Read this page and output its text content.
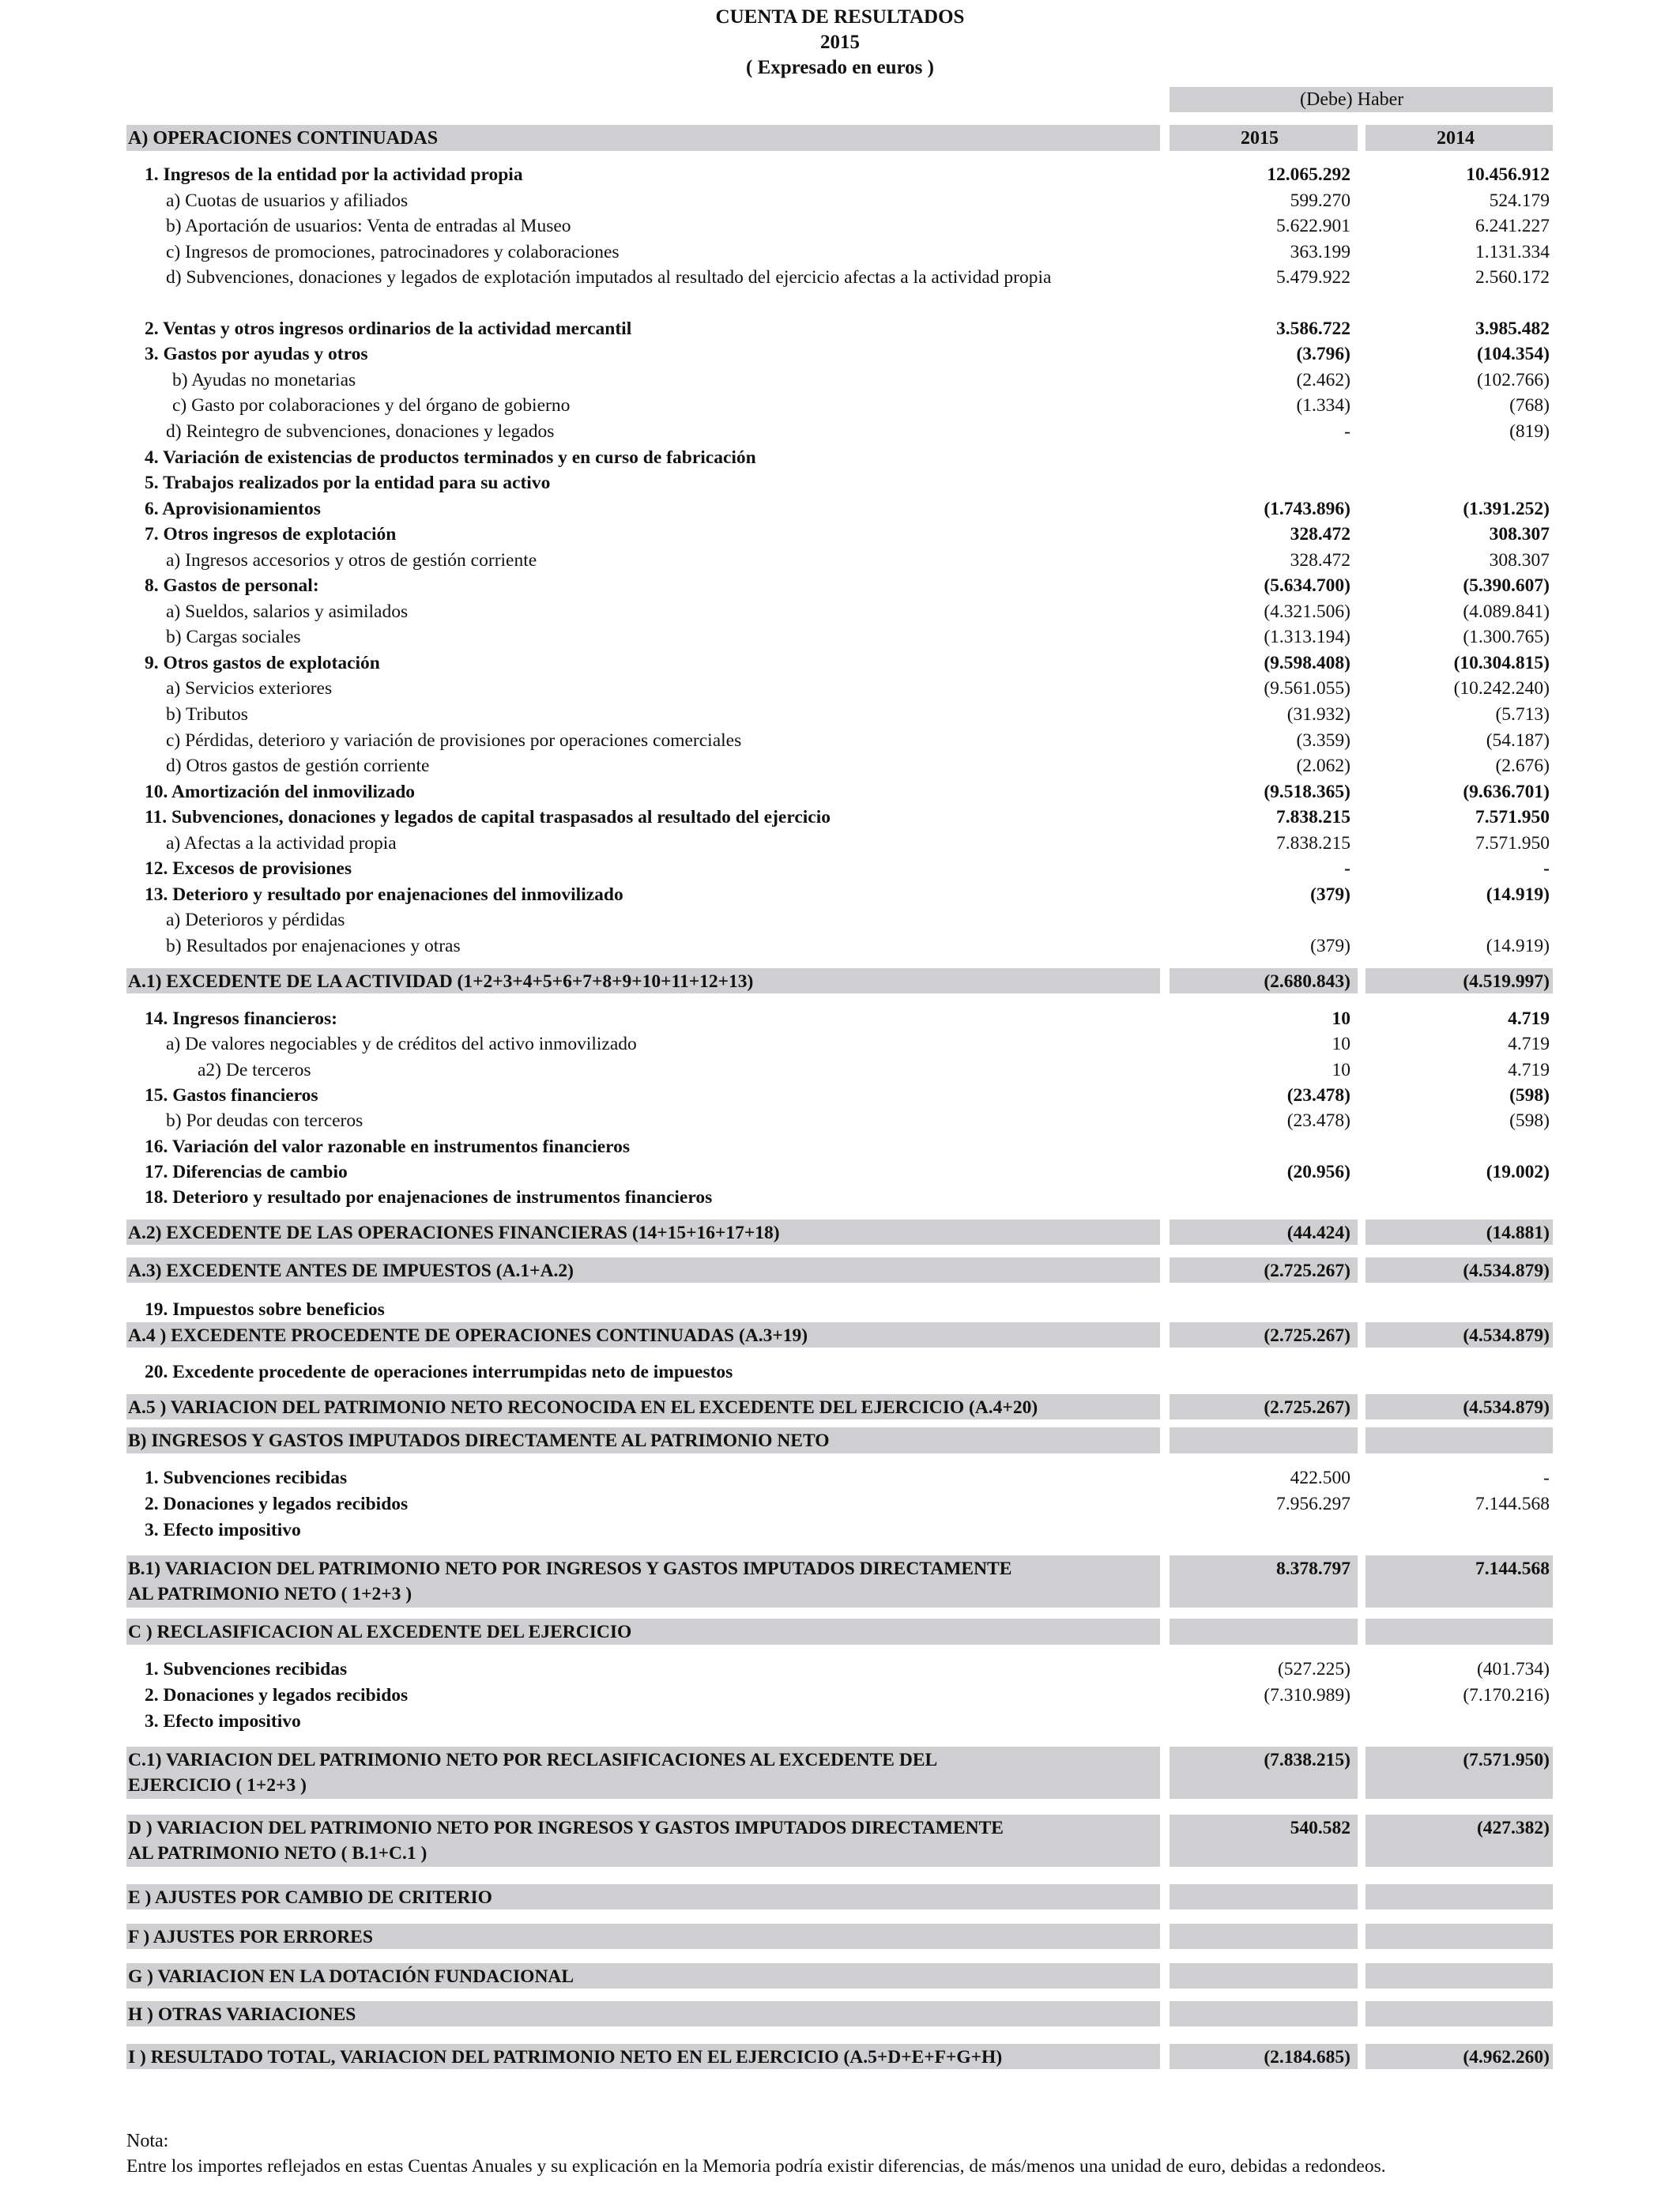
CUENTA DE RESULTADOS
2015
( Expresado en euros )
(Debe) Haber
A) OPERACIONES CONTINUADAS	2015	2014
1. Ingresos de la entidad por la actividad propia	12.065.292	10.456.912
a) Cuotas de usuarios y afiliados	599.270	524.179
b) Aportación de usuarios: Venta de entradas al Museo	5.622.901	6.241.227
c) Ingresos de promociones, patrocinadores y colaboraciones	363.199	1.131.334
d) Subvenciones, donaciones y legados de explotación imputados al resultado del ejercicio afectas a la actividad propia	5.479.922	2.560.172
2. Ventas y otros ingresos ordinarios de la actividad mercantil	3.586.722	3.985.482
3. Gastos por ayudas y otros	(3.796)	(104.354)
b) Ayudas no monetarias	(2.462)	(102.766)
c) Gasto por colaboraciones y del órgano de gobierno	(1.334)	(768)
d) Reintegro de subvenciones, donaciones y legados	-	(819)
4. Variación de existencias de productos terminados y en curso de fabricación
5. Trabajos realizados por la entidad para su activo
6. Aprovisionamientos	(1.743.896)	(1.391.252)
7. Otros ingresos de explotación	328.472	308.307
a) Ingresos accesorios y otros de gestión corriente	328.472	308.307
8. Gastos de personal:	(5.634.700)	(5.390.607)
a) Sueldos, salarios y asimilados	(4.321.506)	(4.089.841)
b) Cargas sociales	(1.313.194)	(1.300.765)
9. Otros gastos de explotación	(9.598.408)	(10.304.815)
a) Servicios exteriores	(9.561.055)	(10.242.240)
b) Tributos	(31.932)	(5.713)
c) Pérdidas, deterioro y variación de provisiones por operaciones comerciales	(3.359)	(54.187)
d) Otros gastos de gestión corriente	(2.062)	(2.676)
10. Amortización del inmovilizado	(9.518.365)	(9.636.701)
11. Subvenciones, donaciones y legados de capital traspasados al resultado del ejercicio	7.838.215	7.571.950
a) Afectas a la actividad propia	7.838.215	7.571.950
12. Excesos de provisiones	-	-
13. Deterioro y resultado por enajenaciones del inmovilizado	(379)	(14.919)
a) Deterioros y pérdidas
b) Resultados por enajenaciones y otras	(379)	(14.919)
A.1) EXCEDENTE DE LA ACTIVIDAD (1+2+3+4+5+6+7+8+9+10+11+12+13)	(2.680.843)	(4.519.997)
14. Ingresos financieros:	10	4.719
a) De valores negociables y de créditos del activo inmovilizado	10	4.719
a2) De terceros	10	4.719
15. Gastos financieros	(23.478)	(598)
b) Por deudas con terceros	(23.478)	(598)
16. Variación del valor razonable en instrumentos financieros
17. Diferencias de cambio	(20.956)	(19.002)
18. Deterioro y resultado por enajenaciones de instrumentos financieros
A.2) EXCEDENTE DE LAS OPERACIONES FINANCIERAS (14+15+16+17+18)	(44.424)	(14.881)
A.3) EXCEDENTE ANTES DE IMPUESTOS (A.1+A.2)	(2.725.267)	(4.534.879)
19. Impuestos sobre beneficios
A.4 ) EXCEDENTE PROCEDENTE DE OPERACIONES CONTINUADAS (A.3+19)	(2.725.267)	(4.534.879)
20. Excedente procedente de operaciones interrumpidas neto de impuestos
A.5 ) VARIACION DEL PATRIMONIO NETO RECONOCIDA EN EL EXCEDENTE DEL EJERCICIO (A.4+20)	(2.725.267)	(4.534.879)
B) INGRESOS Y GASTOS IMPUTADOS DIRECTAMENTE AL PATRIMONIO NETO
1. Subvenciones recibidas	422.500	-
2. Donaciones y legados recibidos	7.956.297	7.144.568
3. Efecto impositivo
B.1) VARIACION DEL PATRIMONIO NETO POR INGRESOS Y GASTOS IMPUTADOS DIRECTAMENTE
AL PATRIMONIO NETO ( 1+2+3 )
8.378.797	7.144.568
C ) RECLASIFICACION AL EXCEDENTE DEL EJERCICIO
1. Subvenciones recibidas	(527.225)	(401.734)
2. Donaciones y legados recibidos	(7.310.989)	(7.170.216)
3. Efecto impositivo
C.1) VARIACION DEL PATRIMONIO NETO POR RECLASIFICACIONES AL EXCEDENTE DEL
EJERCICIO ( 1+2+3 )
(7.838.215)	(7.571.950)
D ) VARIACION DEL PATRIMONIO NETO POR INGRESOS Y GASTOS IMPUTADOS DIRECTAMENTE
AL PATRIMONIO NETO ( B.1+C.1 )
540.582	(427.382)
E ) AJUSTES POR CAMBIO DE CRITERIO
F ) AJUSTES POR ERRORES
G ) VARIACION EN LA DOTACIÓN FUNDACIONAL
H ) OTRAS VARIACIONES
I ) RESULTADO TOTAL, VARIACION DEL PATRIMONIO NETO EN EL EJERCICIO (A.5+D+E+F+G+H)	(2.184.685)	(4.962.260)
Nota:
Entre los importes reflejados en estas Cuentas Anuales y su explicación en la Memoria podría existir diferencias, de más/menos una unidad de euro, debidas a redondeos.
